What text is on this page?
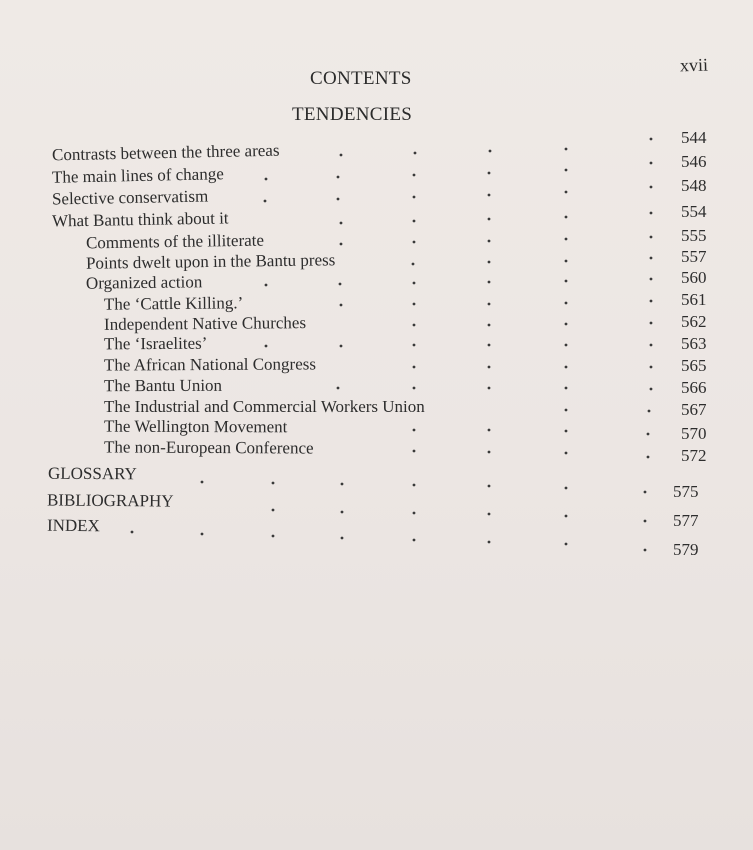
CONTENTS
xvii
TENDENCIES
Contrasts between the three areas
The main lines of change
Selective conservatism
What Bantu think about it
Comments of the illiterate
Points dwelt upon in the Bantu press
Organized action
The ‘Cattle Killing.’
Independent Native Churches
The ‘Israelites’
The African National Congress
The Bantu Union
The Industrial and Commercial Workers Union
The Wellington Movement
The non-European Conference
GLOSSARY
BIBLIOGRAPHY
INDEX
544
546
548
554
555
557
560
561
562
563
565
566
567
570
572
575
577
579
